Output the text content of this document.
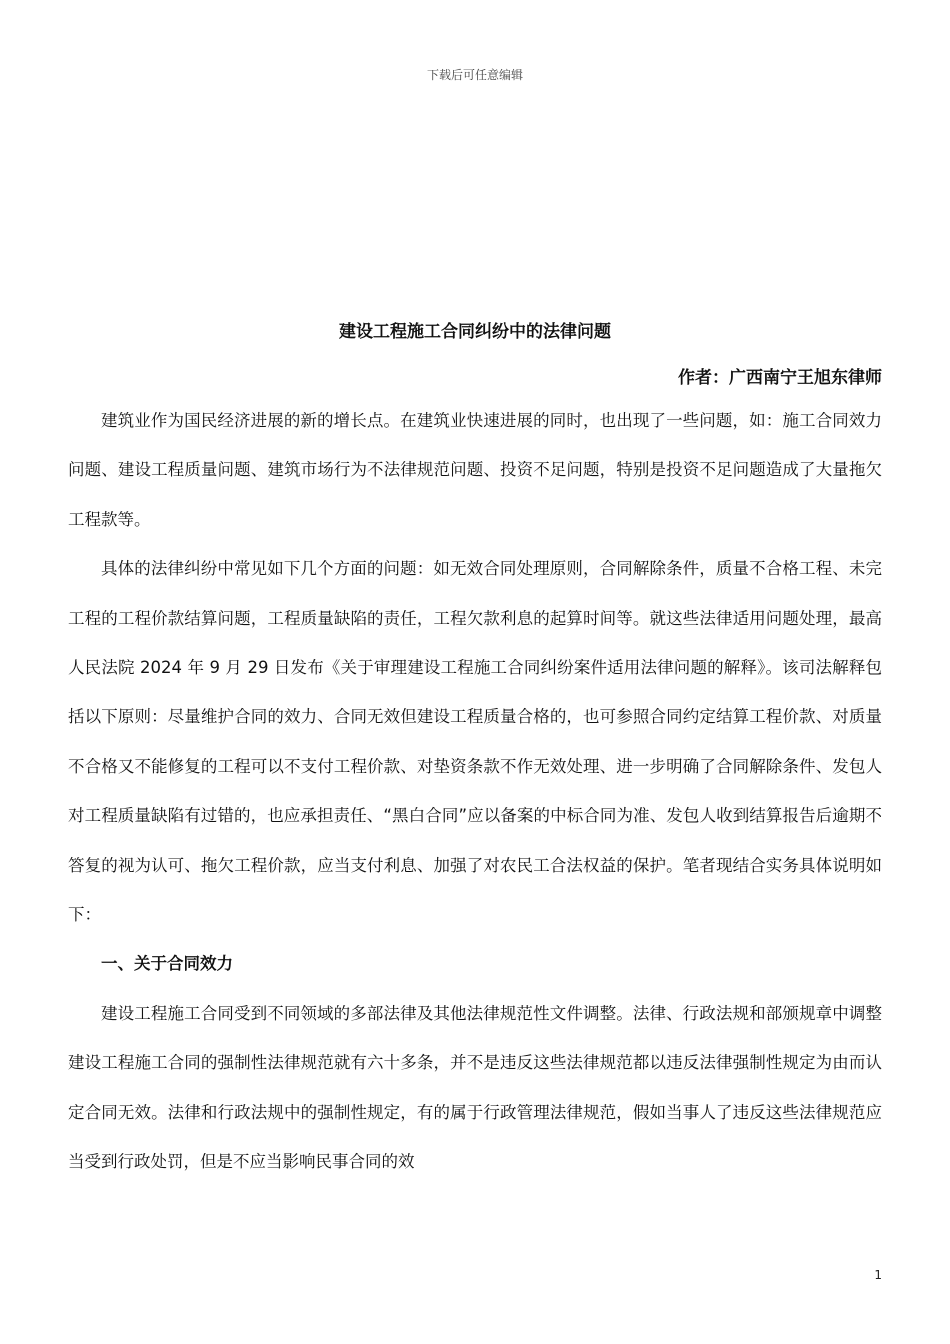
下载后可任意编辑
建设工程施工合同纠纷中的法律问题
作者：广西南宁王旭东律师

建筑业作为国民经济进展的新的增长点。在建筑业快速进展的同时，也出现了一些问题，如：施工合同效力问题、建设工程质量问题、建筑市场行为不法律规范问题、投资不足问题，特别是投资不足问题造成了大量拖欠工程款等。

具体的法律纠纷中常见如下几个方面的问题：如无效合同处理原则，合同解除条件，质量不合格工程、未完工程的工程价款结算问题，工程质量缺陷的责任，工程欠款利息的起算时间等。就这些法律适用问题处理，最高人民法院 2024 年 9 月 29 日发布《关于审理建设工程施工合同纠纷案件适用法律问题的解释》。该司法解释包括以下原则：尽量维护合同的效力、合同无效但建设工程质量合格的，也可参照合同约定结算工程价款、对质量不合格又不能修复的工程可以不支付工程价款、对垫资条款不作无效处理、进一步明确了合同解除条件、发包人对工程质量缺陷有过错的，也应承担责任、“黑白合同”应以备案的中标合同为准、发包人收到结算报告后逾期不答复的视为认可、拖欠工程价款，应当支付利息、加强了对农民工合法权益的保护。笔者现结合实务具体说明如下：

一、关于合同效力

建设工程施工合同受到不同领域的多部法律及其他法律规范性文件调整。法律、行政法规和部颁规章中调整建设工程施工合同的强制性法律规范就有六十多条，并不是违反这些法律规范都以违反法律强制性规定为由而认定合同无效。法律和行政法规中的强制性规定，有的属于行政管理法律规范，假如当事人了违反这些法律规范应当受到行政处罚，但是不应当影响民事合同的效

1
